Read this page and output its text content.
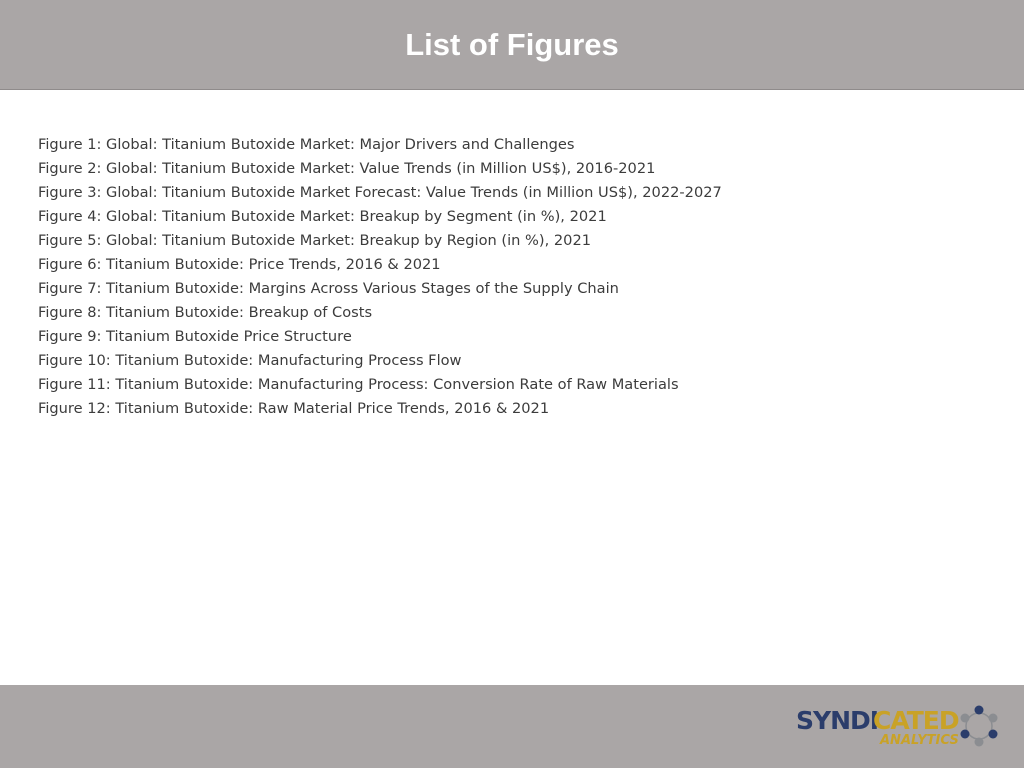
List of Figures
Figure 1: Global: Titanium Butoxide Market: Major Drivers and Challenges
Figure 2: Global: Titanium Butoxide Market: Value Trends (in Million US$), 2016-2021
Figure 3: Global: Titanium Butoxide Market Forecast: Value Trends (in Million US$), 2022-2027
Figure 4: Global: Titanium Butoxide Market: Breakup by Segment (in %), 2021
Figure 5: Global: Titanium Butoxide Market: Breakup by Region (in %), 2021
Figure 6: Titanium Butoxide: Price Trends, 2016 & 2021
Figure 7: Titanium Butoxide: Margins Across Various Stages of the Supply Chain
Figure 8: Titanium Butoxide: Breakup of Costs
Figure 9: Titanium Butoxide Price Structure
Figure 10: Titanium Butoxide: Manufacturing Process Flow
Figure 11: Titanium Butoxide: Manufacturing Process: Conversion Rate of Raw Materials
Figure 12: Titanium Butoxide: Raw Material Price Trends, 2016 & 2021
SYNDI
CATED
ANALYTICS
